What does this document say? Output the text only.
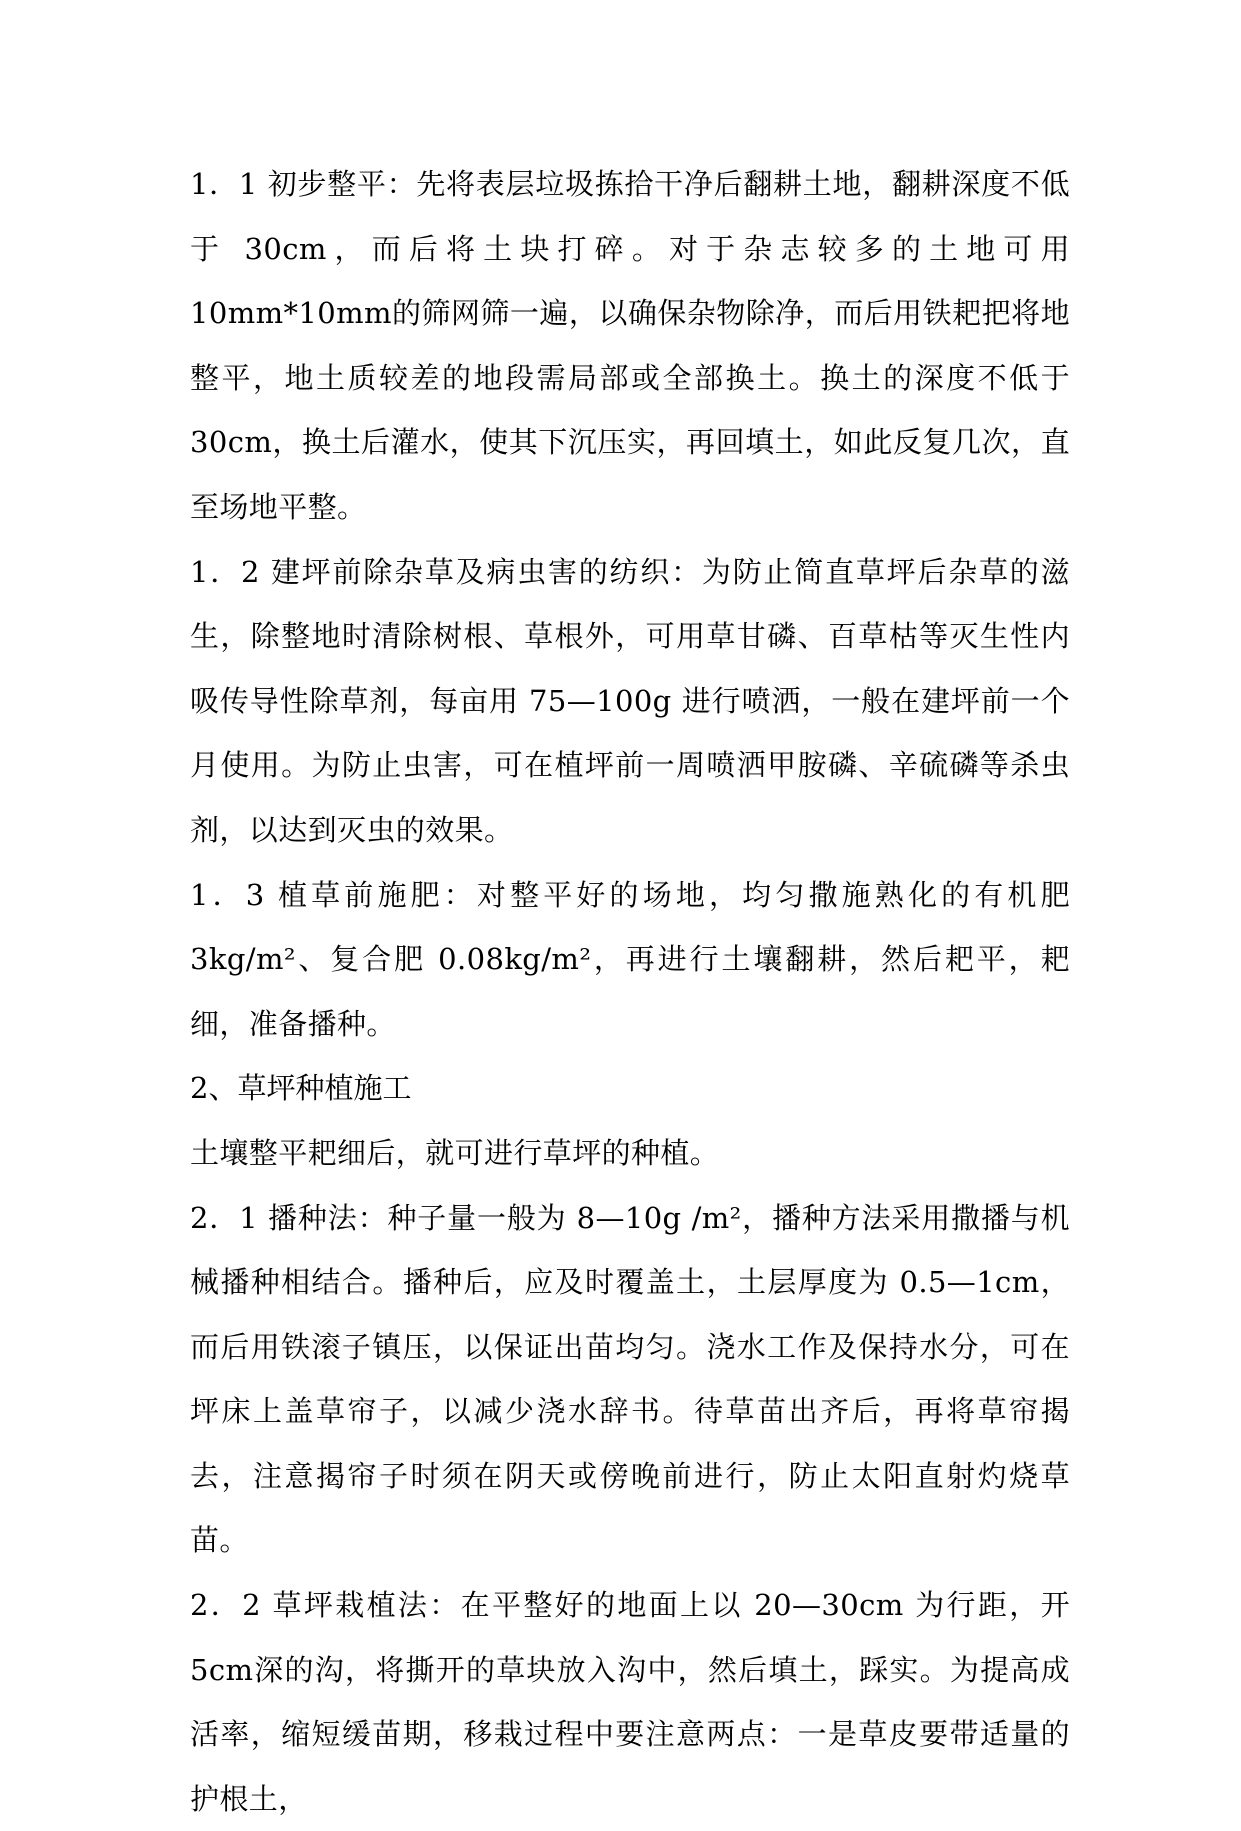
1．1 初步整平：先将表层垃圾拣拾干净后翻耕土地，翻耕深度不低于 30cm，而后将土块打碎。对于杂志较多的土地可用 10mm*10mm的筛网筛一遍，以确保杂物除净，而后用铁耙把将地整平，地土质较差的地段需局部或全部换土。换土的深度不低于 30cm，换土后灌水，使其下沉压实，再回填土，如此反复几次，直至场地平整。

1．2 建坪前除杂草及病虫害的纺织：为防止简直草坪后杂草的滋生，除整地时清除树根、草根外，可用草甘磷、百草枯等灭生性内吸传导性除草剂，每亩用 75—100g 进行喷洒，一般在建坪前一个月使用。为防止虫害，可在植坪前一周喷洒甲胺磷、辛硫磷等杀虫剂，以达到灭虫的效果。

1．3 植草前施肥：对整平好的场地，均匀撒施熟化的有机肥 3kg/m²、复合肥 0.08kg/m²，再进行土壤翻耕，然后耙平，耙细，准备播种。

2、草坪种植施工

土壤整平耙细后，就可进行草坪的种植。

2．1 播种法：种子量一般为 8—10g /m²，播种方法采用撒播与机械播种相结合。播种后，应及时覆盖土，土层厚度为 0.5—1cm，而后用铁滚子镇压，以保证出苗均匀。浇水工作及保持水分，可在坪床上盖草帘子，以减少浇水辞书。待草苗出齐后，再将草帘揭去，注意揭帘子时须在阴天或傍晚前进行，防止太阳直射灼烧草苗。

2．2 草坪栽植法：在平整好的地面上以 20—30cm 为行距，开 5cm深的沟，将撕开的草块放入沟中，然后填土，踩实。为提高成活率，缩短缓苗期，移栽过程中要注意两点：一是草皮要带适量的护根土，
